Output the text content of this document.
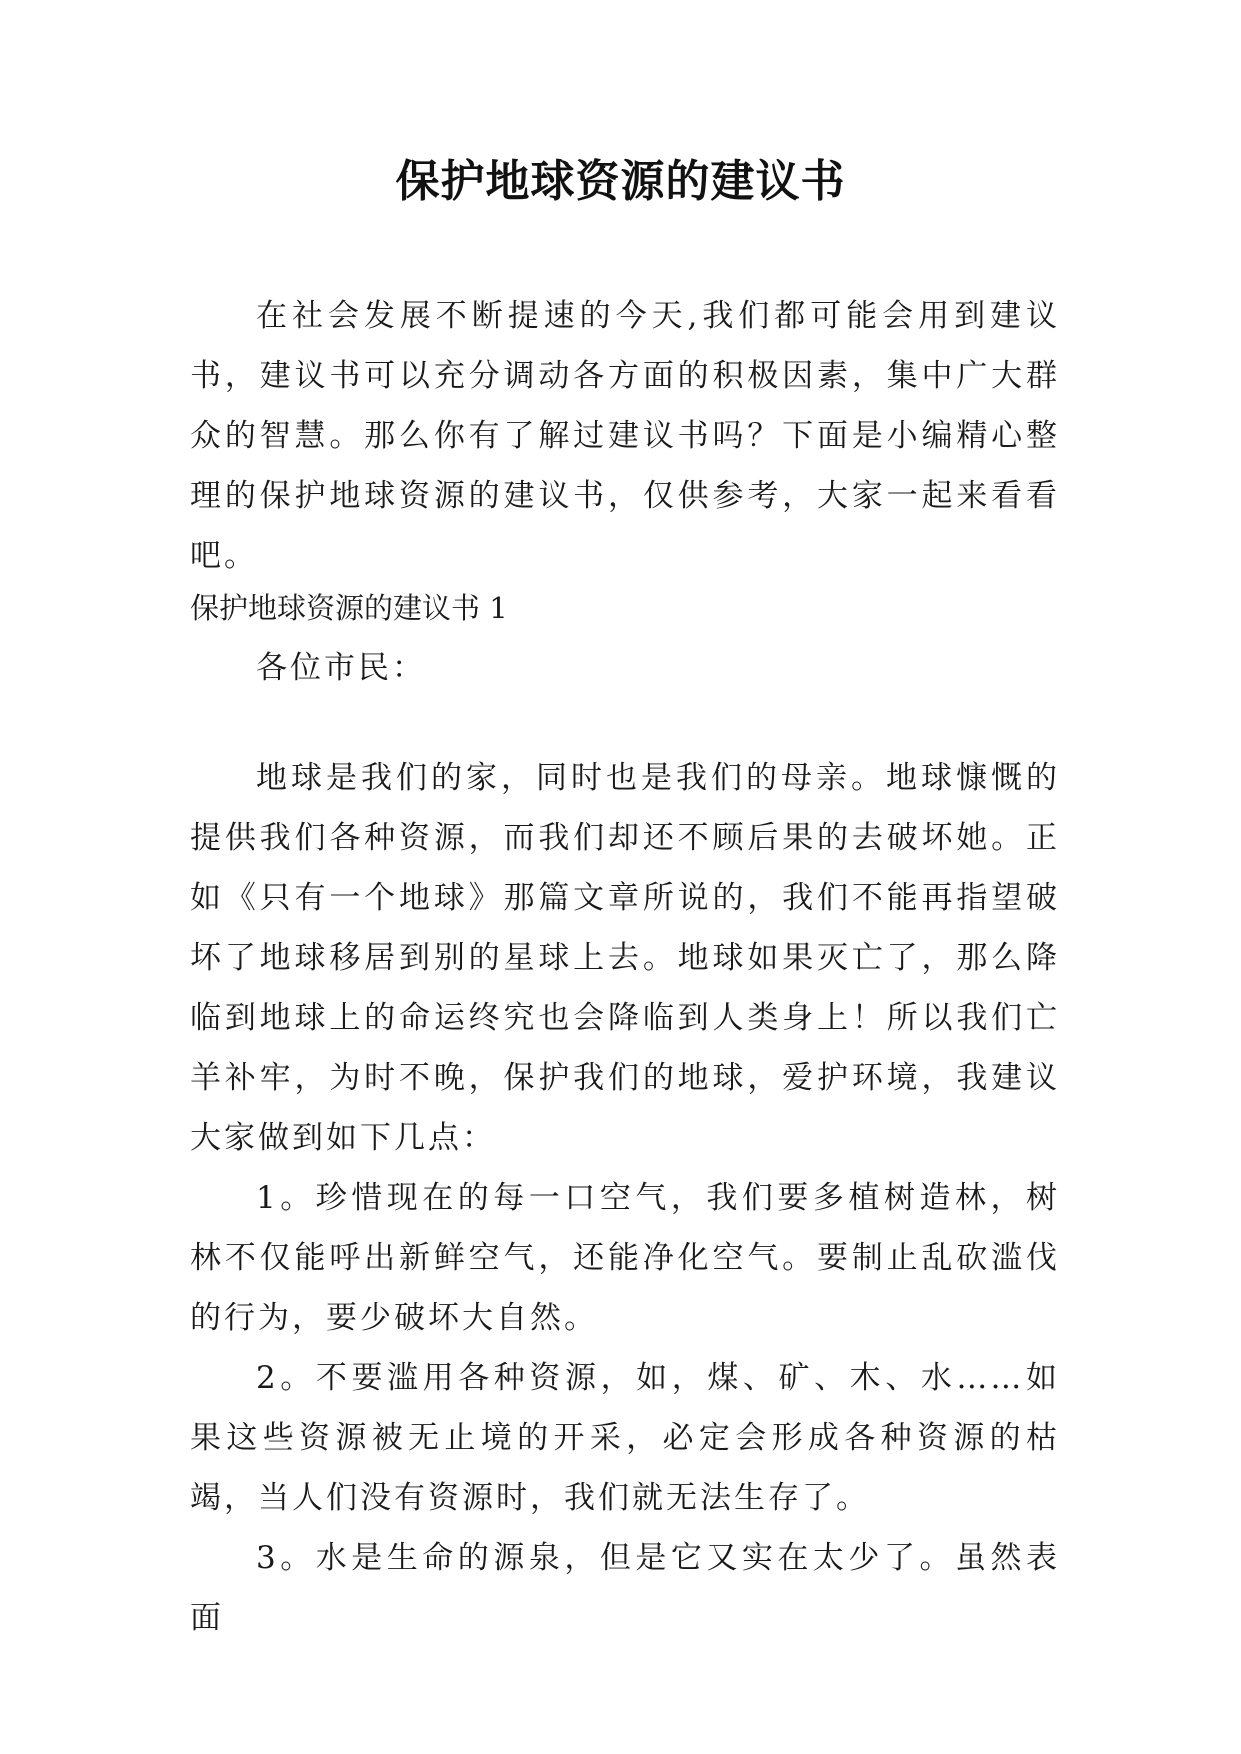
保护地球资源的建议书

在社会发展不断提速的今天,我们都可能会用到建议书，建议书可以充分调动各方面的积极因素，集中广大群众的智慧。那么你有了解过建议书吗？下面是小编精心整理的保护地球资源的建议书，仅供参考，大家一起来看看吧。

保护地球资源的建议书 1
各位市民：

地球是我们的家，同时也是我们的母亲。地球慷慨的提供我们各种资源，而我们却还不顾后果的去破坏她。正如《只有一个地球》那篇文章所说的，我们不能再指望破坏了地球移居到别的星球上去。地球如果灭亡了，那么降临到地球上的命运终究也会降临到人类身上！所以我们亡羊补牢，为时不晚，保护我们的地球，爱护环境，我建议大家做到如下几点：

1。珍惜现在的每一口空气，我们要多植树造林，树林不仅能呼出新鲜空气，还能净化空气。要制止乱砍滥伐的行为，要少破坏大自然。

2。不要滥用各种资源，如，煤、矿、木、水……如果这些资源被无止境的开采，必定会形成各种资源的枯竭，当人们没有资源时，我们就无法生存了。

3。水是生命的源泉，但是它又实在太少了。虽然表面
